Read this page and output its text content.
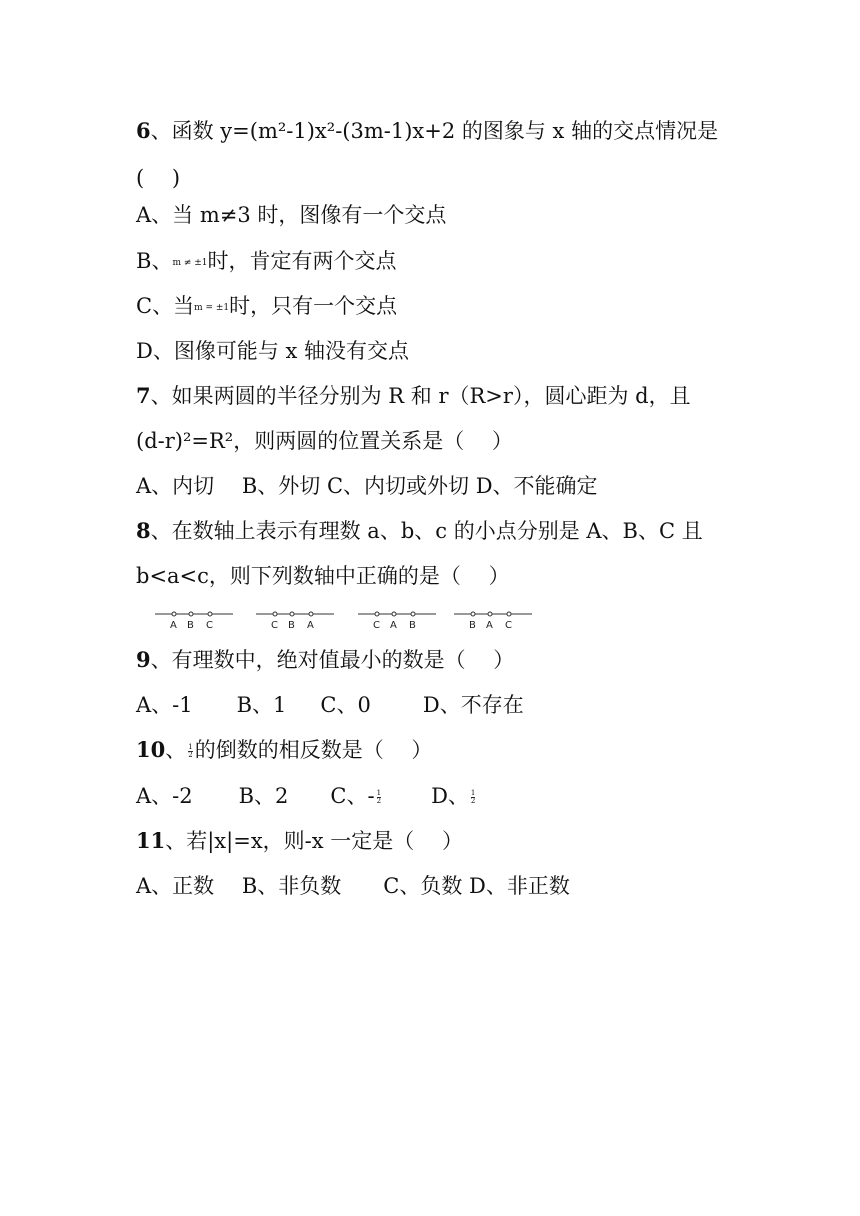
6、函数 y=(m²-1)x²-(3m-1)x+2 的图象与 x 轴的交点情况是
(　 )
A、当 m≠3 时，图像有一个交点
B、m ≠ ±1时，肯定有两个交点
C、当m = ±1时，只有一个交点
D、图像可能与 x 轴没有交点
7、如果两圆的半径分别为 R 和 r（R>r），圆心距为 d，且
(d-r)²=R²，则两圆的位置关系是（　 ）
A、内切　 B、外切 C、内切或外切 D、不能确定
8、在数轴上表示有理数 a、b、c 的小点分别是 A、B、C 且
b<a<c，则下列数轴中正确的是（　 ）
A B C	C B A	C A B	B A C
9、有理数中，绝对值最小的数是（　 ）
A、-1 B、1 C、0 D、不存在
10、 $\frac{1}{2}$ 的倒数的相反数是（　 ）
A、-2 B、2 C、- $\frac{1}{2}$ D、 $\frac{1}{2}$
11、若|x|=x，则-x 一定是（　 ）
A、正数　 B、非负数　　C、负数 D、非正数
